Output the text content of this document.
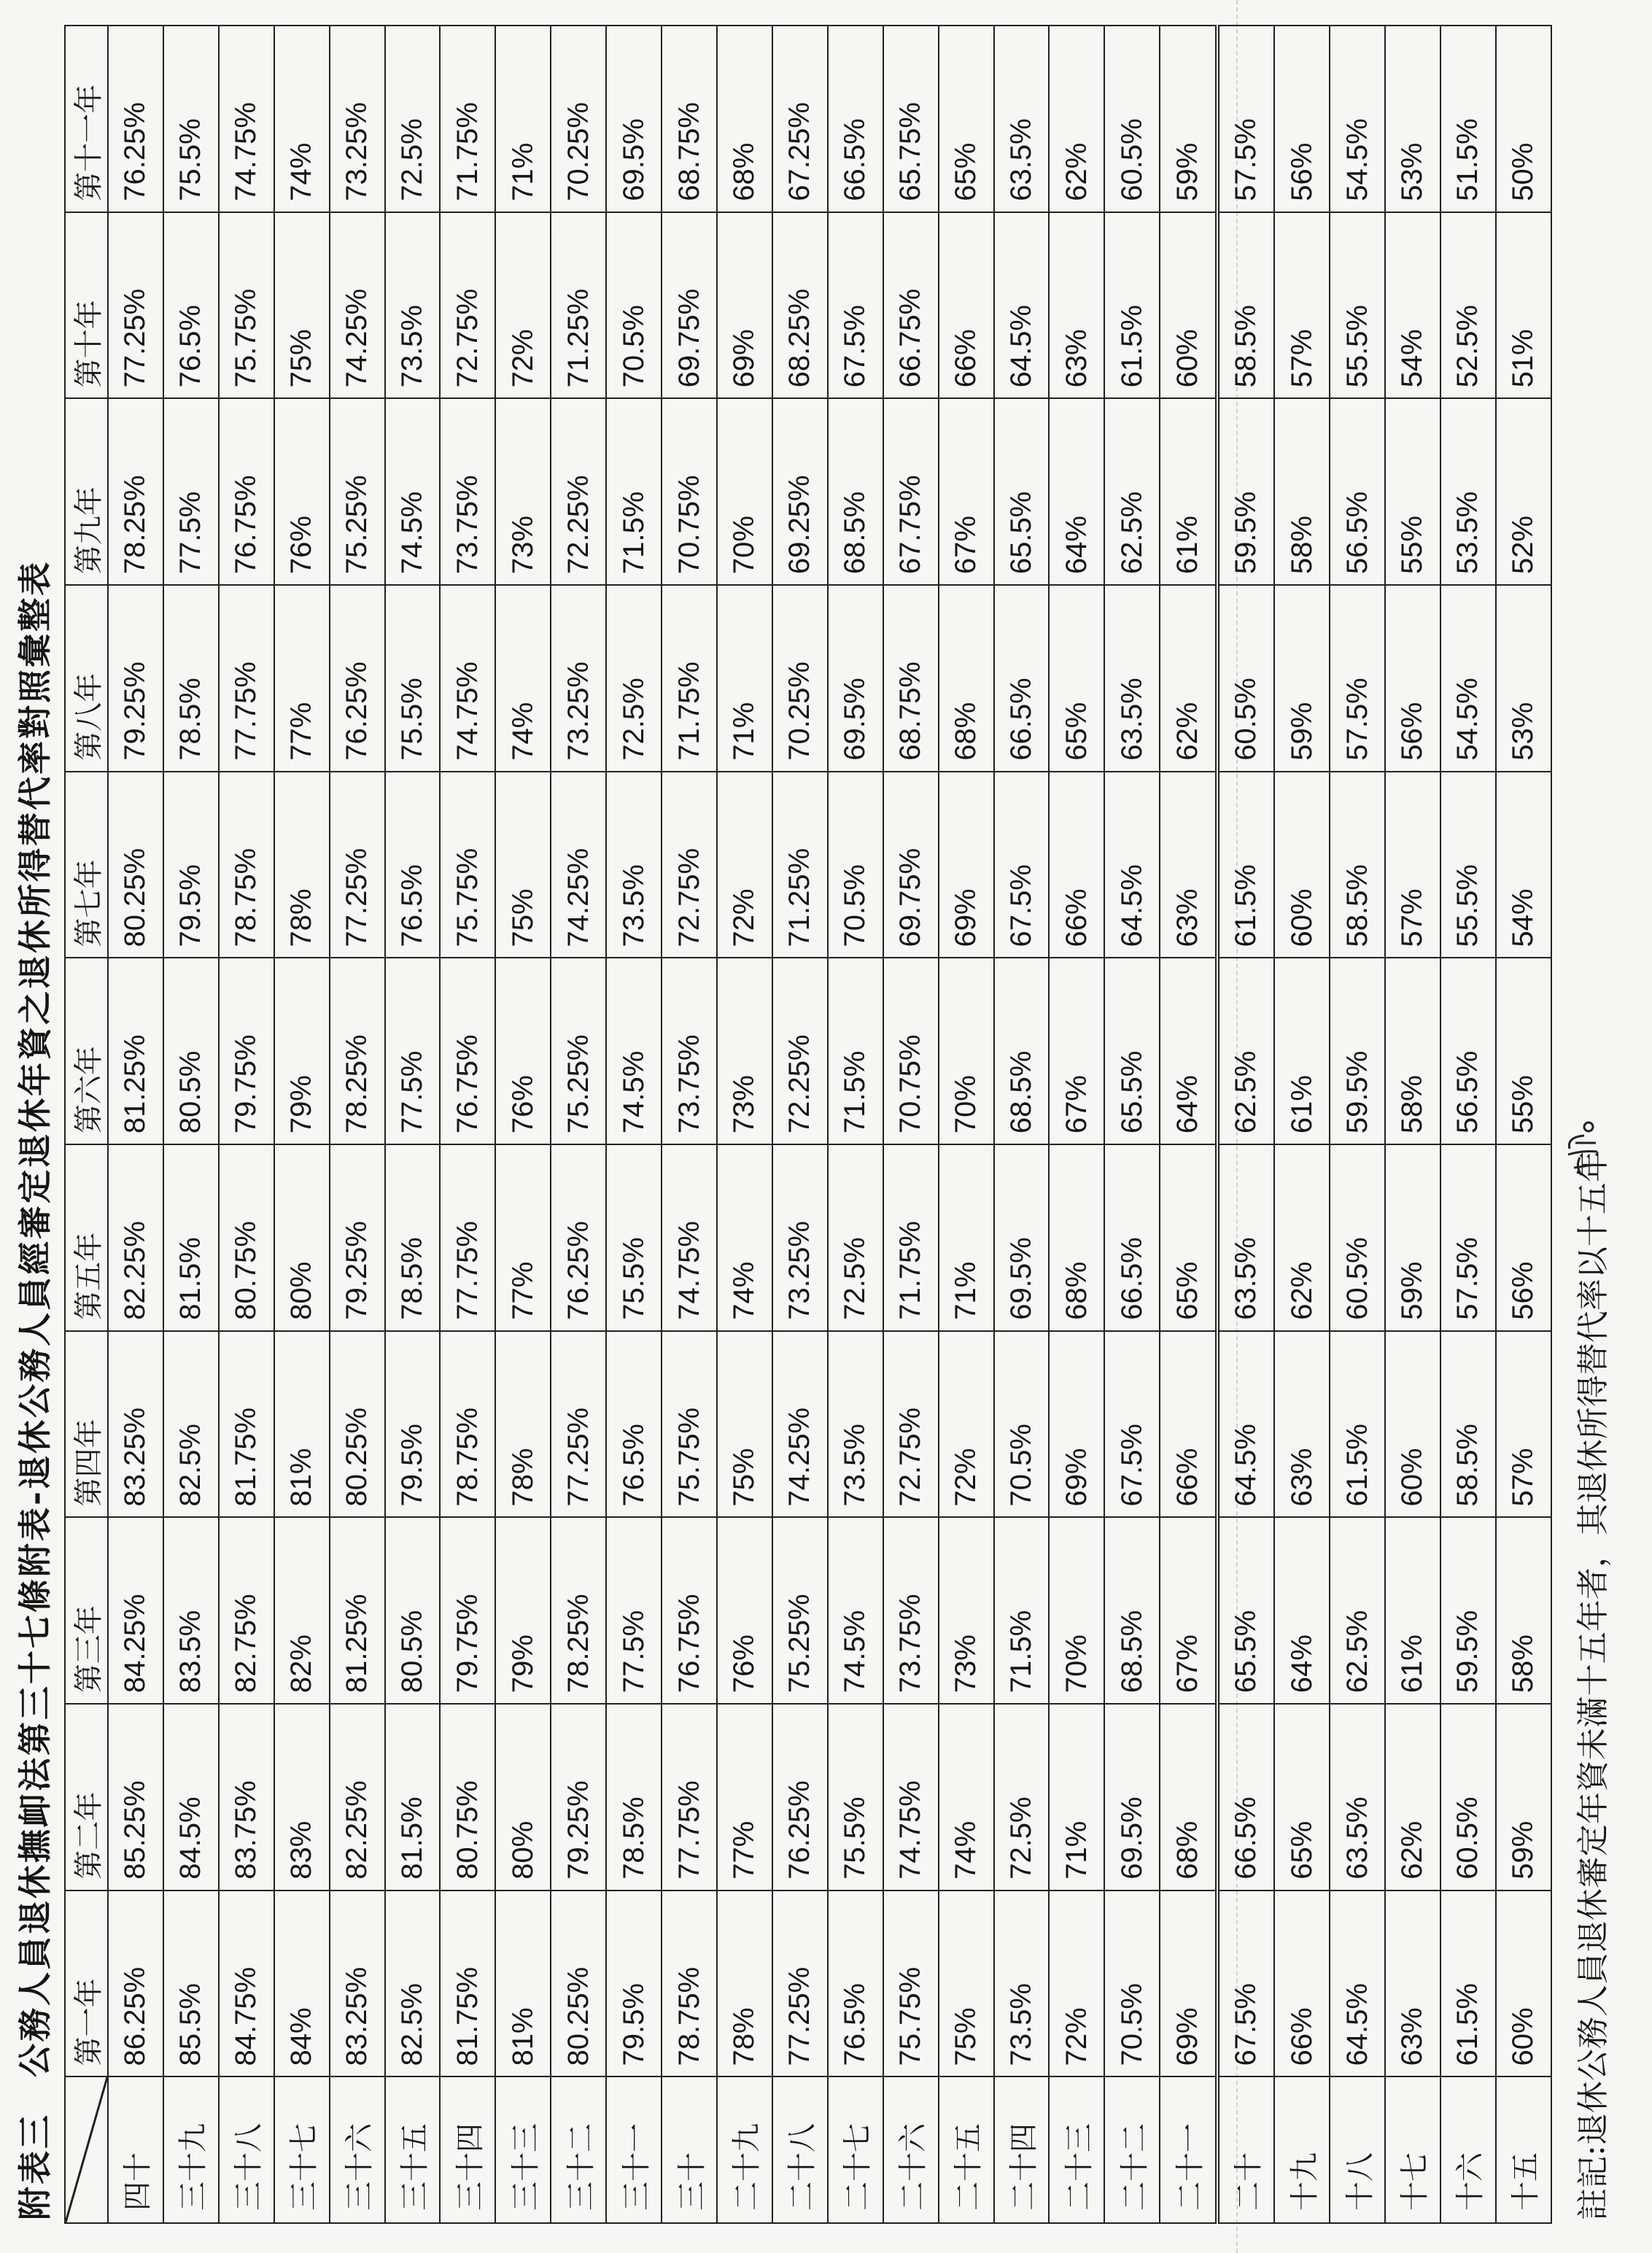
附表三　公務人員退休撫卹法第三十七條附表-退休公務人員經審定退休年資之退休所得替代率對照彙整表
	第一年	第二年	第三年	第四年	第五年	第六年	第七年	第八年	第九年	第十年	第十一年
四十	86.25%	85.25%	84.25%	83.25%	82.25%	81.25%	80.25%	79.25%	78.25%	77.25%	76.25%
三十九	85.5%	84.5%	83.5%	82.5%	81.5%	80.5%	79.5%	78.5%	77.5%	76.5%	75.5%
三十八	84.75%	83.75%	82.75%	81.75%	80.75%	79.75%	78.75%	77.75%	76.75%	75.75%	74.75%
三十七	84%	83%	82%	81%	80%	79%	78%	77%	76%	75%	74%
三十六	83.25%	82.25%	81.25%	80.25%	79.25%	78.25%	77.25%	76.25%	75.25%	74.25%	73.25%
三十五	82.5%	81.5%	80.5%	79.5%	78.5%	77.5%	76.5%	75.5%	74.5%	73.5%	72.5%
三十四	81.75%	80.75%	79.75%	78.75%	77.75%	76.75%	75.75%	74.75%	73.75%	72.75%	71.75%
三十三	81%	80%	79%	78%	77%	76%	75%	74%	73%	72%	71%
三十二	80.25%	79.25%	78.25%	77.25%	76.25%	75.25%	74.25%	73.25%	72.25%	71.25%	70.25%
三十一	79.5%	78.5%	77.5%	76.5%	75.5%	74.5%	73.5%	72.5%	71.5%	70.5%	69.5%
三十	78.75%	77.75%	76.75%	75.75%	74.75%	73.75%	72.75%	71.75%	70.75%	69.75%	68.75%
二十九	78%	77%	76%	75%	74%	73%	72%	71%	70%	69%	68%
二十八	77.25%	76.25%	75.25%	74.25%	73.25%	72.25%	71.25%	70.25%	69.25%	68.25%	67.25%
二十七	76.5%	75.5%	74.5%	73.5%	72.5%	71.5%	70.5%	69.5%	68.5%	67.5%	66.5%
二十六	75.75%	74.75%	73.75%	72.75%	71.75%	70.75%	69.75%	68.75%	67.75%	66.75%	65.75%
二十五	75%	74%	73%	72%	71%	70%	69%	68%	67%	66%	65%
二十四	73.5%	72.5%	71.5%	70.5%	69.5%	68.5%	67.5%	66.5%	65.5%	64.5%	63.5%
二十三	72%	71%	70%	69%	68%	67%	66%	65%	64%	63%	62%
二十二	70.5%	69.5%	68.5%	67.5%	66.5%	65.5%	64.5%	63.5%	62.5%	61.5%	60.5%
二十一	69%	68%	67%	66%	65%	64%	63%	62%	61%	60%	59%
二十	67.5%	66.5%	65.5%	64.5%	63.5%	62.5%	61.5%	60.5%	59.5%	58.5%	57.5%
十九	66%	65%	64%	63%	62%	61%	60%	59%	58%	57%	56%
十八	64.5%	63.5%	62.5%	61.5%	60.5%	59.5%	58.5%	57.5%	56.5%	55.5%	54.5%
十七	63%	62%	61%	60%	59%	58%	57%	56%	55%	54%	53%
十六	61.5%	60.5%	59.5%	58.5%	57.5%	56.5%	55.5%	54.5%	53.5%	52.5%	51.5%
十五	60%	59%	58%	57%	56%	55%	54%	53%	52%	51%	50%
註記:退休公務人員退休審定年資未滿十五年者，其退休所得替代率以十五年
